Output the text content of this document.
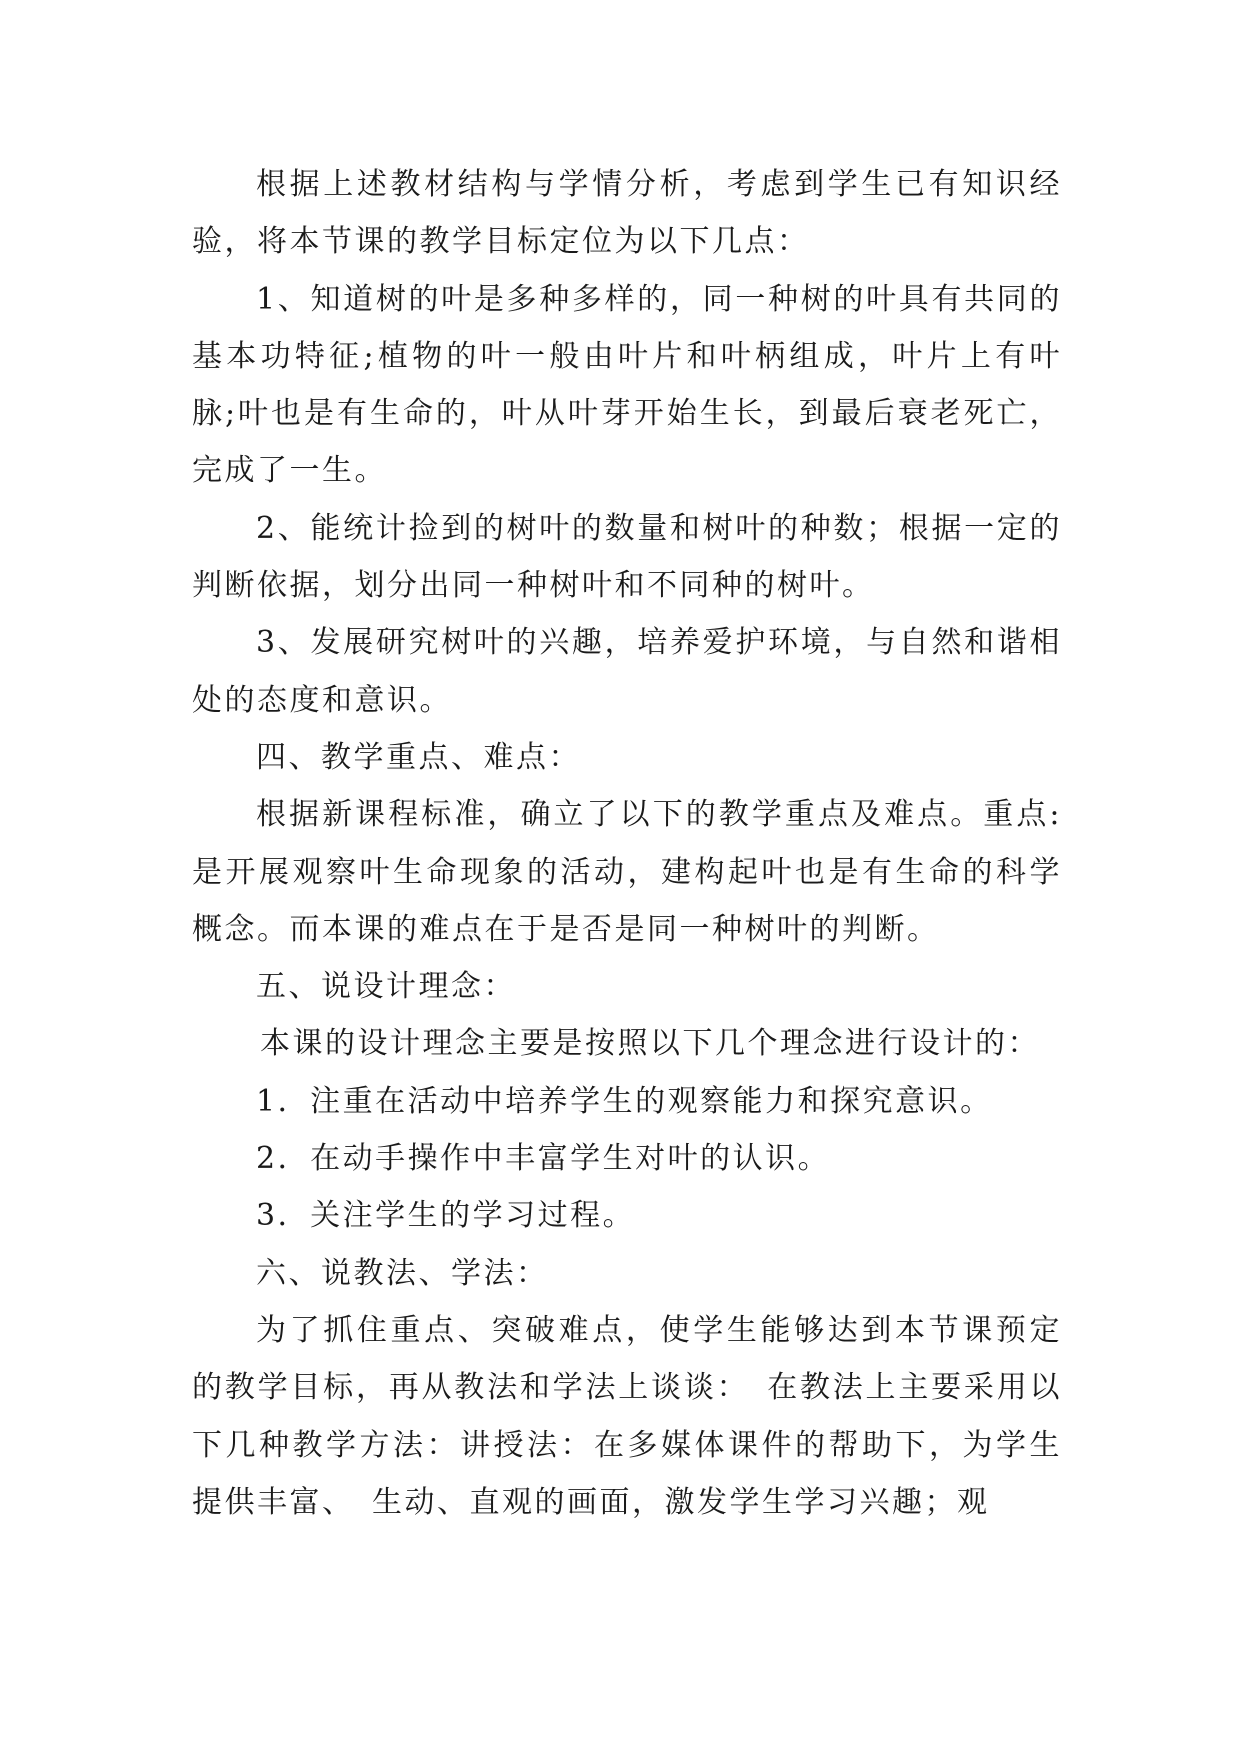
根据上述教材结构与学情分析，考虑到学生已有知识经验，将本节课的教学目标定位为以下几点：

1、知道树的叶是多种多样的，同一种树的叶具有共同的基本功特征;植物的叶一般由叶片和叶柄组成，叶片上有叶脉;叶也是有生命的，叶从叶芽开始生长，到最后衰老死亡，完成了一生。

2、能统计捡到的树叶的数量和树叶的种数；根据一定的判断依据，划分出同一种树叶和不同种的树叶。

3、发展研究树叶的兴趣，培养爱护环境，与自然和谐相处的态度和意识。

四、教学重点、难点：

根据新课程标准，确立了以下的教学重点及难点。重点:是开展观察叶生命现象的活动，建构起叶也是有生命的科学概念。而本课的难点在于是否是同一种树叶的判断。

五、说设计理念：

本课的设计理念主要是按照以下几个理念进行设计的：

1．注重在活动中培养学生的观察能力和探究意识。

2．在动手操作中丰富学生对叶的认识。

3．关注学生的学习过程。

六、说教法、学法：

为了抓住重点、突破难点，使学生能够达到本节课预定的教学目标，再从教法和学法上谈谈：　在教法上主要采用以下几种教学方法：讲授法：在多媒体课件的帮助下，为学生提供丰富、　生动、直观的画面，激发学生学习兴趣；观
